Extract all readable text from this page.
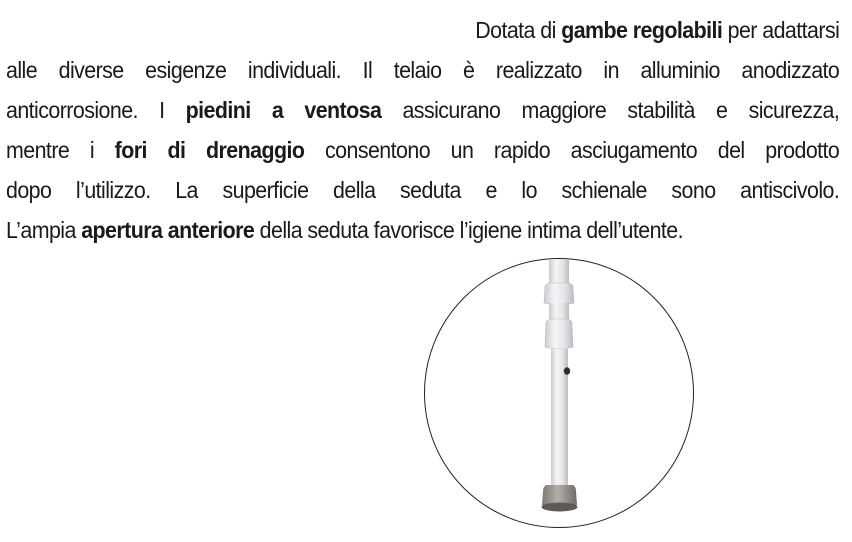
Dotata di gambe regolabili per adattarsi
alle diverse esigenze individuali. Il telaio è realizzato in alluminio anodizzato
anticorrosione. I piedini a ventosa assicurano maggiore stabilità e sicurezza,
mentre i fori di drenaggio consentono un rapido asciugamento del prodotto
dopo l’utilizzo. La superficie della seduta e lo schienale sono antiscivolo.
L’ampia apertura anteriore della seduta favorisce l’igiene intima dell’utente.
